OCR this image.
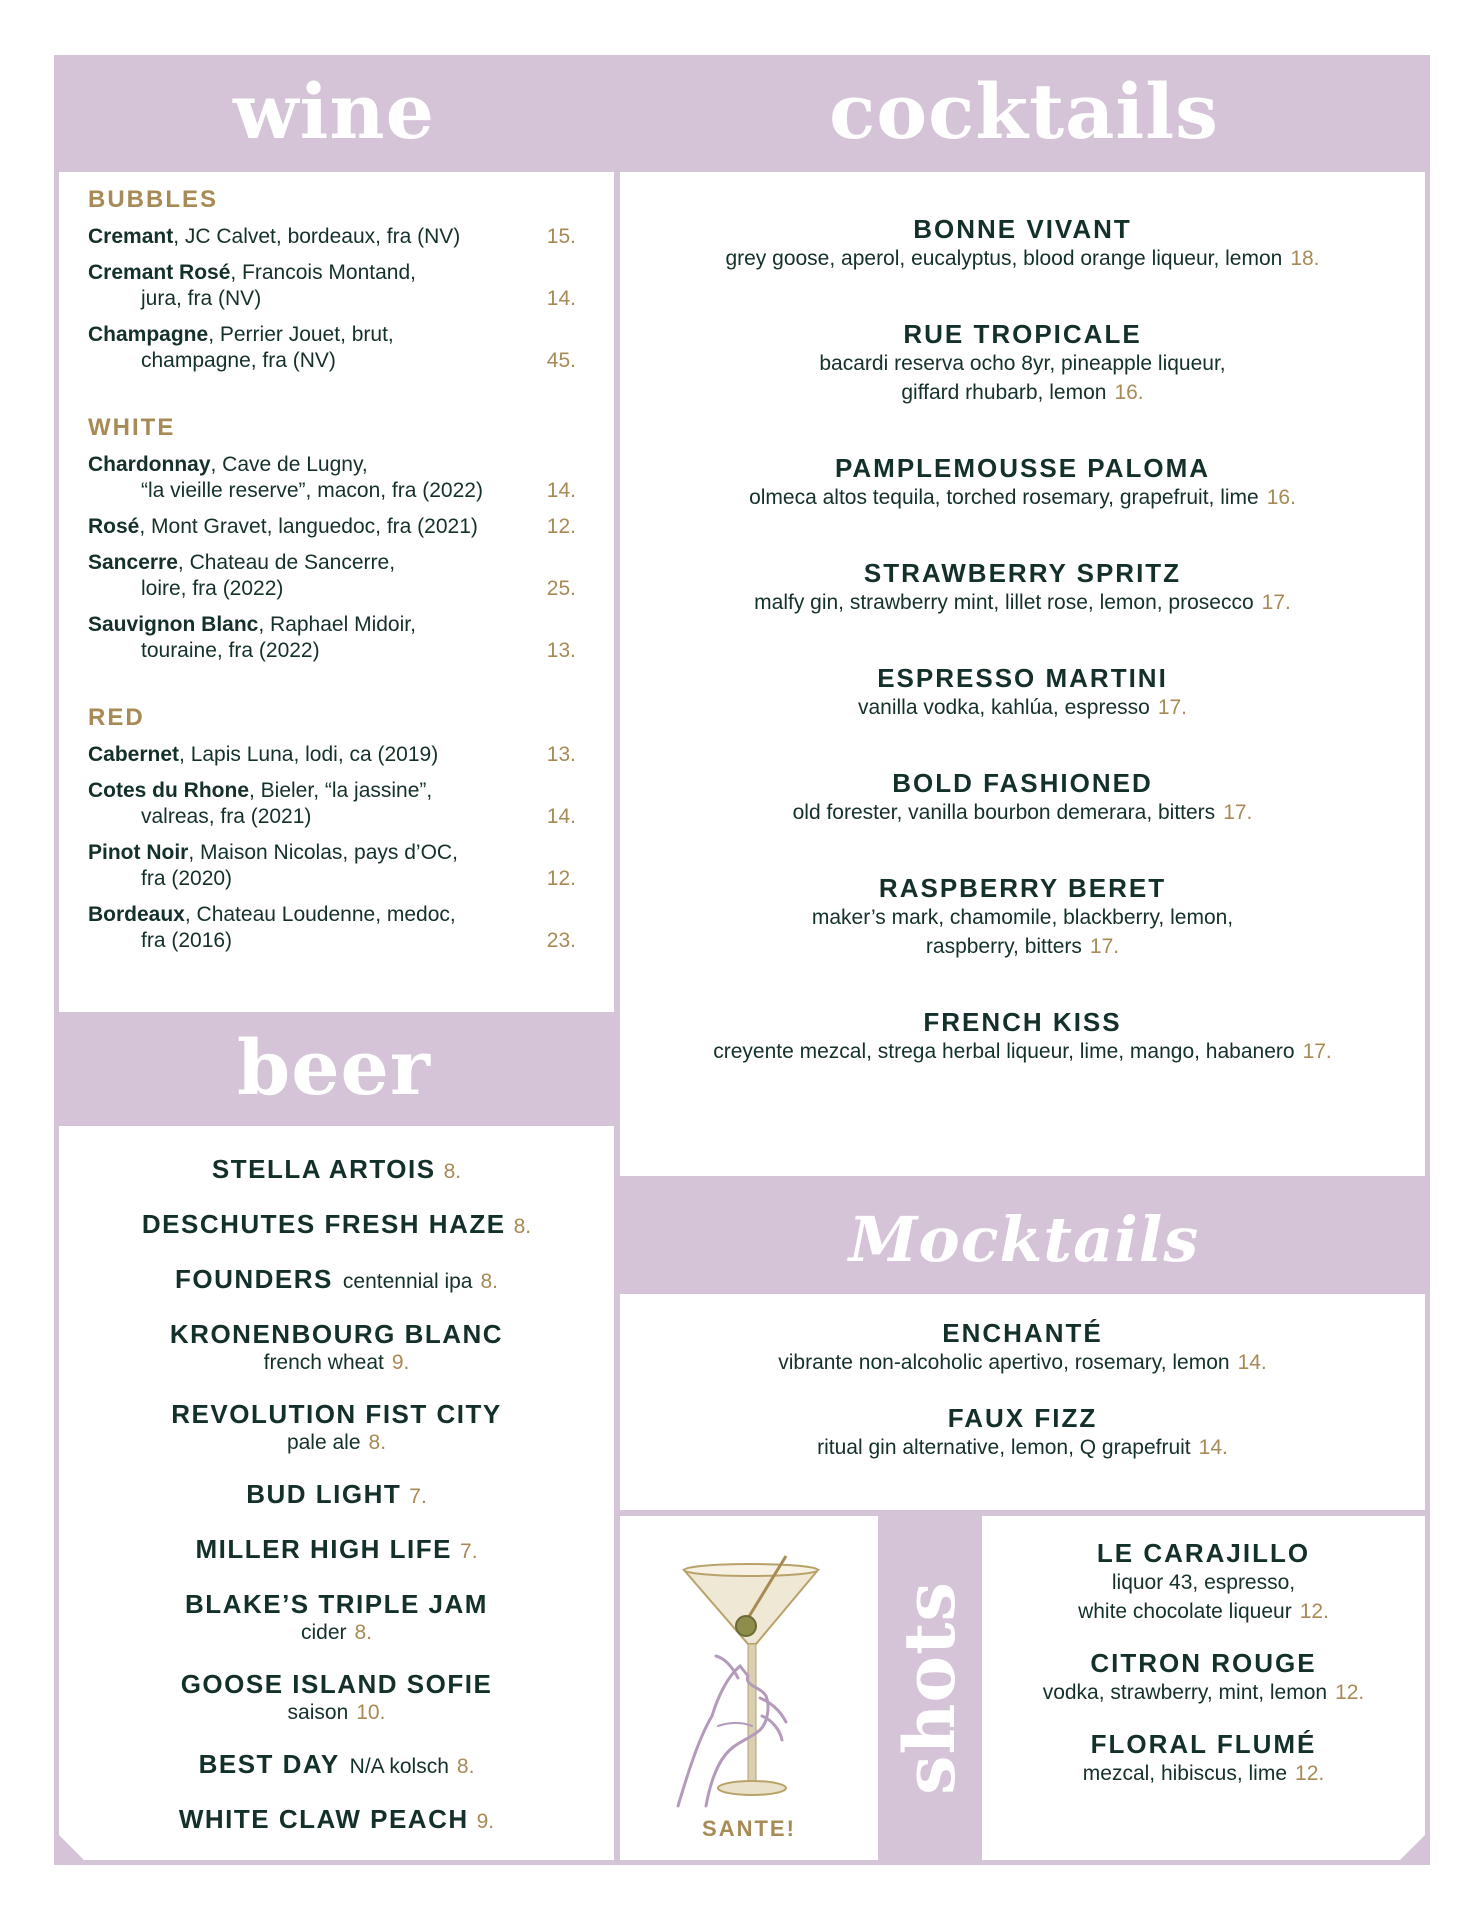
wine	cocktails
BUBBLES
Cremant, JC Calvet, bordeaux, fra (NV)	15.
Cremant Rosé, Francois Montand,
jura, fra (NV)	14.
Champagne, Perrier Jouet, brut,
champagne, fra (NV)	45.
WHITE
Chardonnay, Cave de Lugny,
“la vieille reserve”, macon, fra (2022)	14.
Rosé, Mont Gravet, languedoc, fra (2021)	12.
Sancerre, Chateau de Sancerre,
loire, fra (2022)	25.
Sauvignon Blanc, Raphael Midoir,
touraine, fra (2022)	13.
RED
Cabernet, Lapis Luna, lodi, ca (2019)	13.
Cotes du Rhone, Bieler, “la jassine”,
valreas, fra (2021)	14.
Pinot Noir, Maison Nicolas, pays d’OC,
fra (2020)	12.
Bordeaux, Chateau Loudenne, medoc,
fra (2016)	23.
beer
STELLA ARTOIS 8.
DESCHUTES FRESH HAZE 8.
FOUNDERS centennial ipa 8.
KRONENBOURG BLANC
french wheat 9.
REVOLUTION FIST CITY
pale ale 8.
BUD LIGHT 7.
MILLER HIGH LIFE 7.
BLAKE’S TRIPLE JAM
cider 8.
GOOSE ISLAND SOFIE
saison 10.
BEST DAY N/A kolsch 8.
WHITE CLAW PEACH 9.
BONNE VIVANT
grey goose, aperol, eucalyptus, blood orange liqueur, lemon 18.
RUE TROPICALE
bacardi reserva ocho 8yr, pineapple liqueur,
giffard rhubarb, lemon 16.
PAMPLEMOUSSE PALOMA
olmeca altos tequila, torched rosemary, grapefruit, lime 16.
STRAWBERRY SPRITZ
malfy gin, strawberry mint, lillet rose, lemon, prosecco 17.
ESPRESSO MARTINI
vanilla vodka, kahlúa, espresso 17.
BOLD FASHIONED
old forester, vanilla bourbon demerara, bitters 17.
RASPBERRY BERET
maker’s mark, chamomile, blackberry, lemon,
raspberry, bitters 17.
FRENCH KISS
creyente mezcal, strega herbal liqueur, lime, mango, habanero 17.
Mocktails
ENCHANTÉ
vibrante non-alcoholic apertivo, rosemary, lemon 14.
FAUX FIZZ
ritual gin alternative, lemon, Q grapefruit 14.
SANTE!
shots
LE CARAJILLO
liquor 43, espresso,
white chocolate liqueur 12.
CITRON ROUGE
vodka, strawberry, mint, lemon 12.
FLORAL FLUMÉ
mezcal, hibiscus, lime 12.
